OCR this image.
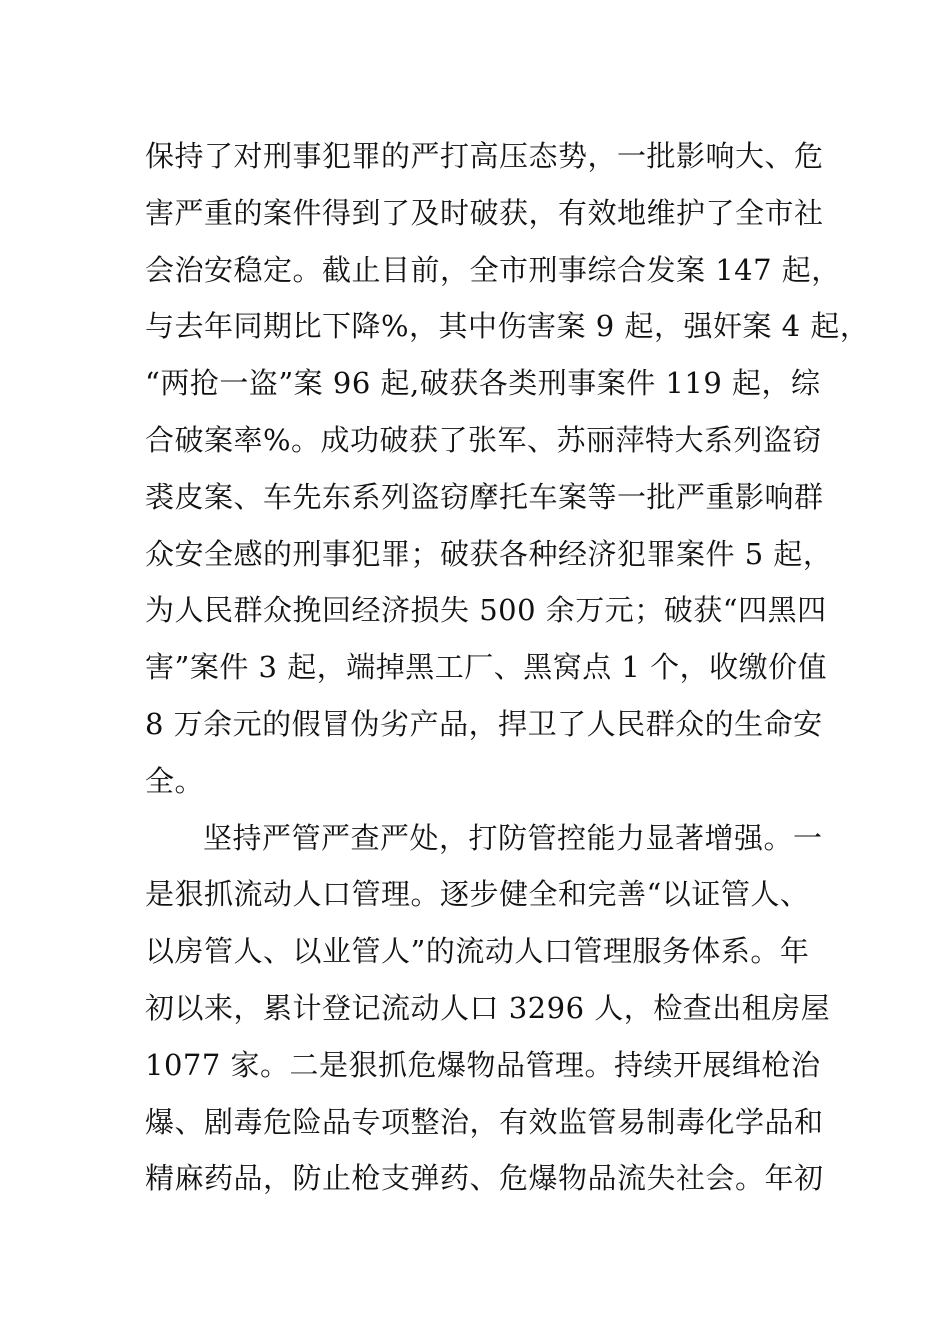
保持了对刑事犯罪的严打高压态势，一批影响大、危
害严重的案件得到了及时破获，有效地维护了全市社
会治安稳定。截止目前，全市刑事综合发案 147 起，
与去年同期比下降%，其中伤害案 9 起，强奸案 4 起，
“两抢一盗”案 96 起,破获各类刑事案件 119 起，综
合破案率%。成功破获了张军、苏丽萍特大系列盗窃
裘皮案、车先东系列盗窃摩托车案等一批严重影响群
众安全感的刑事犯罪；破获各种经济犯罪案件 5 起，
为人民群众挽回经济损失 500 余万元；破获“四黑四
害”案件 3 起，端掉黑工厂、黑窝点 1 个，收缴价值
8 万余元的假冒伪劣产品，捍卫了人民群众的生命安
全。
坚持严管严查严处，打防管控能力显著增强。一
是狠抓流动人口管理。逐步健全和完善“以证管人、
以房管人、以业管人”的流动人口管理服务体系。年
初以来，累计登记流动人口 3296 人，检查出租房屋
1077 家。二是狠抓危爆物品管理。持续开展缉枪治
爆、剧毒危险品专项整治，有效监管易制毒化学品和
精麻药品，防止枪支弹药、危爆物品流失社会。年初
